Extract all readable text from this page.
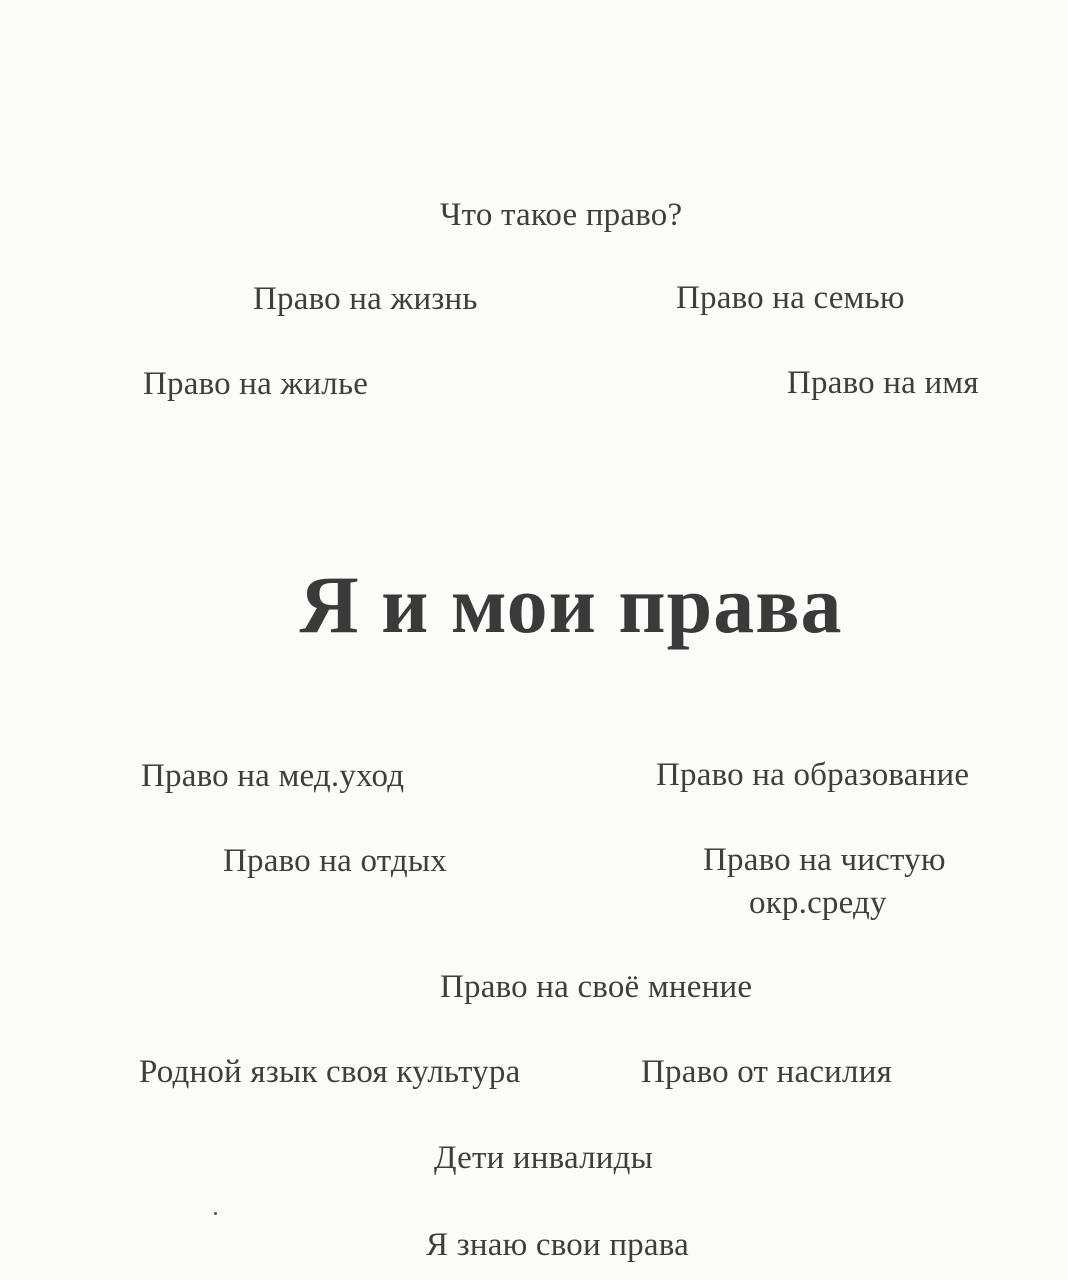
Что такое право?
Право на жизнь	Право на семью
Право на жилье	Право на имя
Я и мои права
Право на мед.уход	Право на образование
Право на отдых	Право на чистую
окр.среду
Право на своё мнение
Родной язык своя культура	Право от насилия
Дети инвалиды
Я знаю свои права
